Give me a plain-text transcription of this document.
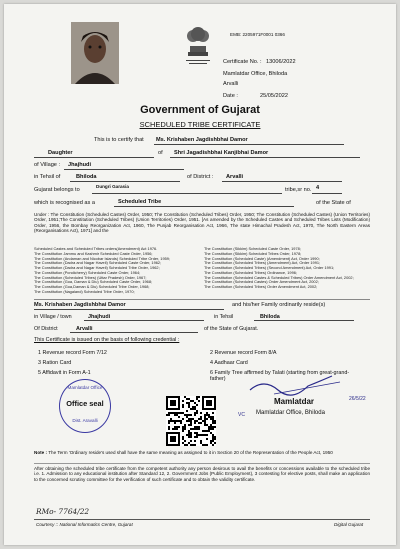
EMB: 2205971F0001 0366
Certificate No. : 13006/2022
Mamlatdar Office, Bhiloda
Arvalli
Date :	25/05/2022
Government of Gujarat
SCHEDULED TRIBE CERTIFICATE
This is to certify that Ms. Krishaben Jagdishbhai Damor
Daughter	of Shri Jagadishbhai Kanjibhai Damor
of Village : Jhajhudi
in Tehsil of	Bhiloda	of District : Arvalli
Gujarat belongs to
Dungri Garasia
tribe,sr no. 4
which is recognised as a	Scheduled Tribe	of the State of
Under : The Constitution (Scheduled Castes) Order, 1950; The Constitution (Scheduled Tribes) Order, 1950; The Constitution (Scheduled Castes) (Union Territories) Order, 1951;The Constitution (Scheduled Tribes) (Union Territories) Order, 1951. [As amended by the Scheduled Castes and Scheduled Tribes Lists (Modification) Order, 1956, the Bombay Reorganization Act, 1960, The Punjab Reorganisation Act, 1966, The state Himachal Pradesh Act, 1970, The North Eastern Areas (Reorganisations Act), 1971] and the
Scheduled Castes and Scheduled Tribes orders(Amendment) Act 1976.
The Constitution Jammu and Kashmir Scheduled Caste Order, 1956;
The Constitution (Andaman and Nicobar Islands) Scheduled Tribe Order, 1959;
The Constitution (Dadra and Nagar Haveli) Scheduled Caste Order, 1962;
The Constitution (Dadra and Nagar Haveli) Scheduled Tribe Order, 1962;
The Constitution (Pondicherry) Scheduled Caste Order, 1964;
The Constitution (Scheduled Tribes) (Uttar Pradesh) Order, 1967;
The Constitution (Goa, Daman & Diu) Scheduled Caste Order, 1968;
The Constitution (Goa,Daman & Diu) Scheduled Tribe Order, 1968;
The Constitution (Nagaland) Scheduled Tribe Order, 1970;
The Constitution (Sikkim) Scheduled Caste Order, 1978;
The Constitution (Sikkim) Scheduled Tribes Order, 1978;
The Constitution (Scheduled Caste) (Amendment) Act, Order 1990;
The Constitution (Scheduled Tribes) (Amendment) Act, Order 1991;
The Constitution (Scheduled Tribes) (Second Amendment) Act, Order 1991;
The Constitution (Scheduled Tribes) Ordinance, 1996;
The Constitution (Scheduled Castes & Scheduled Tribes) Order Amendment Act, 2002;
The Constitution (Scheduled Castes) Order Amendment Act, 2002;
The Constitution (Scheduled Tribes) Order Amendment Act, 2002;
Ms. Krishaben Jagdishbhai Damor	and his/her Family ordinarily reside(s)
in Village / town	Jhajhudi	in Tehsil	Bhiloda
Of District	Arvalli	of the State of Gujarat.
This Certificate is issued on the basis of following credential :
1 Revenue record Form 7/12
3 Ration Card
5 Affidavit in Form A-1
2 Revenue record Form 8/A
4 Aadhaar Card
6 Family Tree affirmed by Talati (starting from great-grand-father)
Mamlatdar Office
Office seal
Dist. Aravalli
VC
26/5/22
Mamlatdar
Mamlatdar Office, Bhiloda
Note : The Term 'Ordinary reside's used shall have the same meaning as assigned to it in Section 20 of the Representation of the People Act, 1950
After obtaining the scheduled tribe certificate from the competent authority any person desirous to avail the benefits or concessions available to the scheduled tribe i.e. 1. Admission to any educational institution after Standard 12, 2. Government Jobs (Public Employment), 3 contesting for elective posts, shall make an application to the concerned scrutiny committee for the verification of such certificate and to obtain the validity certificate.
RMo- 7764/22
Courtesy :: National Informatics Centre, Gujarat	Digital Gujarat
